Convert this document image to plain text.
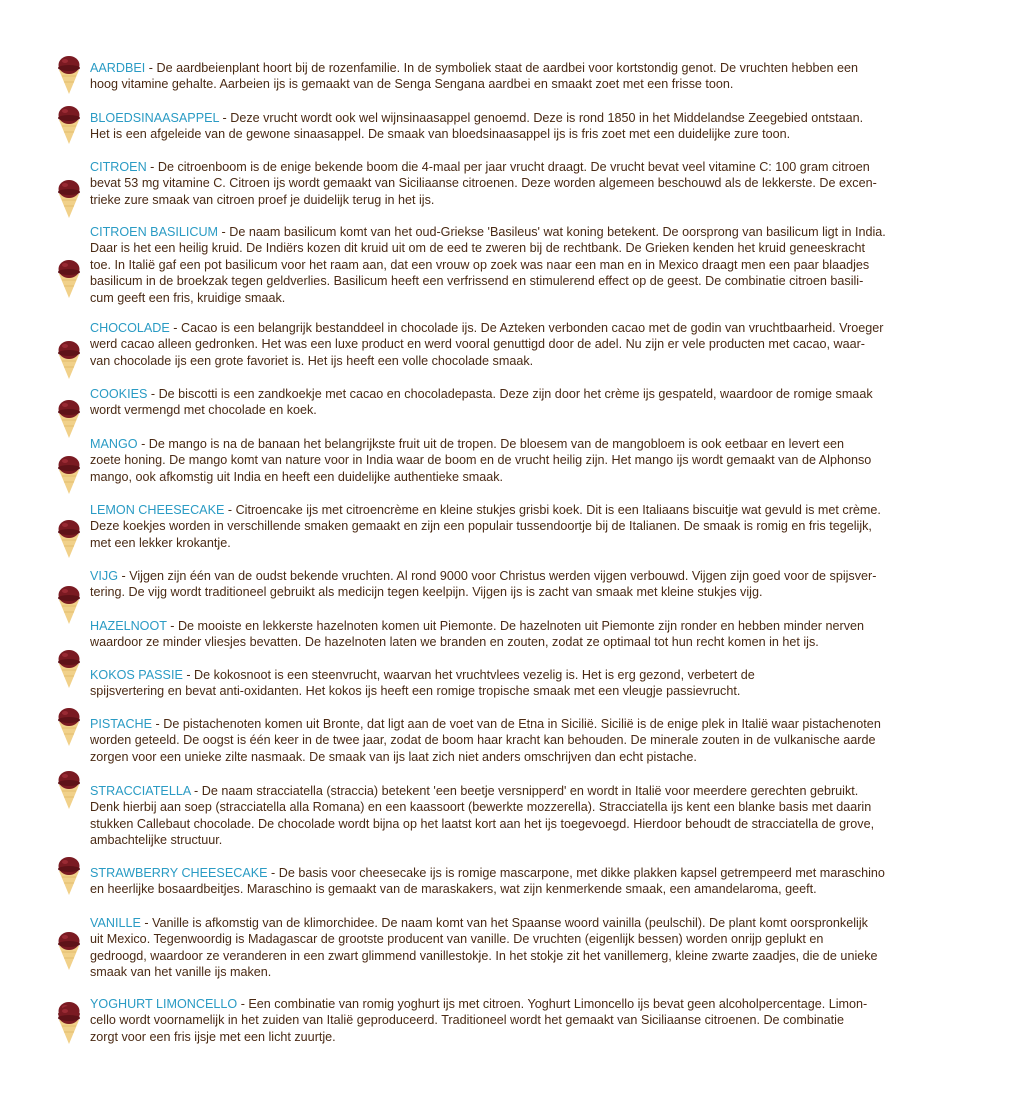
AARDBEI - De aardbeienplant hoort bij de rozenfamilie. In de symboliek staat de aardbei voor kortstondig genot. De vruchten hebben een
hoog vitamine gehalte. Aarbeien ijs is gemaakt van de Senga Sengana aardbei en smaakt zoet met een frisse toon.
BLOEDSINAASAPPEL - Deze vrucht wordt ook wel wijnsinaasappel genoemd. Deze is rond 1850 in het Middelandse Zeegebied ontstaan.
Het is een afgeleide van de gewone sinaasappel. De smaak van bloedsinaasappel ijs is fris zoet met een duidelijke zure toon.
CITROEN - De citroenboom is de enige bekende boom die 4-maal per jaar vrucht draagt. De vrucht bevat veel vitamine C: 100 gram citroen
bevat 53 mg vitamine C. Citroen ijs wordt gemaakt van Siciliaanse citroenen. Deze worden algemeen beschouwd als de lekkerste. De excen-
trieke zure smaak van citroen proef je duidelijk terug in het ijs.
CITROEN BASILICUM - De naam basilicum komt van het oud-Griekse 'Basileus' wat koning betekent. De oorsprong van basilicum ligt in India.
Daar is het een heilig kruid. De Indiërs kozen dit kruid uit om de eed te zweren bij de rechtbank. De Grieken kenden het kruid geneeskracht
toe. In Italië gaf een pot basilicum voor het raam aan, dat een vrouw op zoek was naar een man en in Mexico draagt men een paar blaadjes
basilicum in de broekzak tegen geldverlies. Basilicum heeft een verfrissend en stimulerend effect op de geest. De combinatie citroen basili-
cum geeft een fris, kruidige smaak.
CHOCOLADE - Cacao is een belangrijk bestanddeel in chocolade ijs. De Azteken verbonden cacao met de godin van vruchtbaarheid. Vroeger
werd cacao alleen gedronken. Het was een luxe product en werd vooral genuttigd door de adel. Nu zijn er vele producten met cacao, waar-
van chocolade ijs een grote favoriet is. Het ijs heeft een volle chocolade smaak.
COOKIES - De biscotti is een zandkoekje met cacao en chocoladepasta. Deze zijn door het crème ijs gespateld, waardoor de romige smaak
wordt vermengd met chocolade en koek.
MANGO - De mango is na de banaan het belangrijkste fruit uit de tropen. De bloesem van de mangobloem is ook eetbaar en levert een
zoete honing. De mango komt van nature voor in India waar de boom en de vrucht heilig zijn. Het mango ijs wordt gemaakt van de Alphonso
mango, ook afkomstig uit India en heeft een duidelijke authentieke smaak.
LEMON CHEESECAKE - Citroencake ijs met citroencrème en kleine stukjes grisbi koek. Dit is een Italiaans biscuitje wat gevuld is met crème.
Deze koekjes worden in verschillende smaken gemaakt en zijn een populair tussendoortje bij de Italianen. De smaak is romig en fris tegelijk,
met een lekker krokantje.
VIJG - Vijgen zijn één van de oudst bekende vruchten. Al rond 9000 voor Christus werden vijgen verbouwd. Vijgen zijn goed voor de spijsver-
tering. De vijg wordt traditioneel gebruikt als medicijn tegen keelpijn. Vijgen ijs is zacht van smaak met kleine stukjes vijg.
HAZELNOOT - De mooiste en lekkerste hazelnoten komen uit Piemonte. De hazelnoten uit Piemonte zijn ronder en hebben minder nerven
waardoor ze minder vliesjes bevatten. De hazelnoten laten we branden en zouten, zodat ze optimaal tot hun recht komen in het ijs.
KOKOS PASSIE - De kokosnoot is een steenvrucht, waarvan het vruchtvlees vezelig is. Het is erg gezond, verbetert de
spijsvertering en bevat anti-oxidanten. Het kokos ijs heeft een romige tropische smaak met een vleugje passievrucht.
PISTACHE - De pistachenoten komen uit Bronte, dat ligt aan de voet van de Etna in Sicilië. Sicilië is de enige plek in Italië waar pistachenoten
worden geteeld. De oogst is één keer in de twee jaar, zodat de boom haar kracht kan behouden. De minerale zouten in de vulkanische aarde
zorgen voor een unieke zilte nasmaak. De smaak van ijs laat zich niet anders omschrijven dan echt pistache.
STRACCIATELLA - De naam stracciatella (straccia) betekent 'een beetje versnipperd' en wordt in Italië voor meerdere gerechten gebruikt.
Denk hierbij aan soep (stracciatella alla Romana) en een kaassoort (bewerkte mozzerella). Stracciatella ijs kent een blanke basis met daarin
stukken Callebaut chocolade. De chocolade wordt bijna op het laatst kort aan het ijs toegevoegd. Hierdoor behoudt de stracciatella de grove,
ambachtelijke structuur.
STRAWBERRY CHEESECAKE - De basis voor cheesecake ijs is romige mascarpone, met dikke plakken kapsel getrempeerd met maraschino
en heerlijke bosaardbeitjes. Maraschino is gemaakt van de maraskakers, wat zijn kenmerkende smaak, een amandelaroma, geeft.
VANILLE - Vanille is afkomstig van de klimorchidee. De naam komt van het Spaanse woord vainilla (peulschil). De plant komt oorspronkelijk
uit Mexico. Tegenwoordig is Madagascar de grootste producent van vanille. De vruchten (eigenlijk bessen) worden onrijp geplukt en
gedroogd, waardoor ze veranderen in een zwart glimmend vanillestokje. In het stokje zit het vanillemerg, kleine zwarte zaadjes, die de unieke
smaak van het vanille ijs maken.
YOGHURT LIMONCELLO - Een combinatie van romig yoghurt ijs met citroen. Yoghurt Limoncello ijs bevat geen alcoholpercentage. Limon-
cello wordt voornamelijk in het zuiden van Italië geproduceerd. Traditioneel wordt het gemaakt van Siciliaanse citroenen. De combinatie
zorgt voor een fris ijsje met een licht zuurtje.
